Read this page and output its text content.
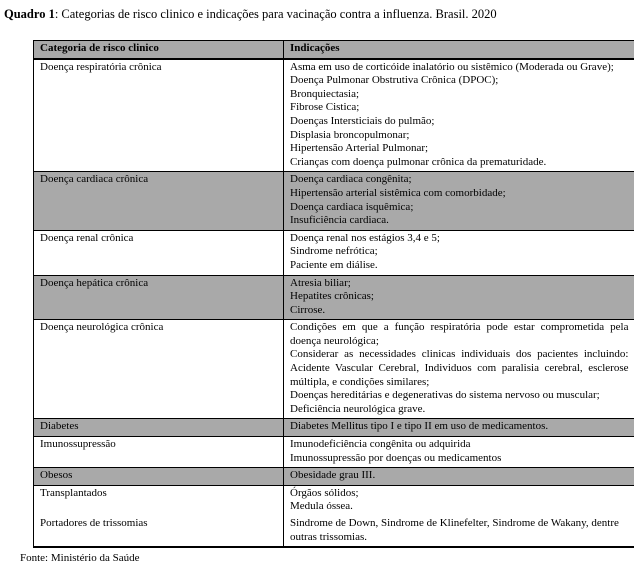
Quadro 1: Categorias de risco clinico e indicações para vacinação contra a influenza. Brasil. 2020
Categoria de risco clinico	Indicações
Doença respiratória crônica	Asma em uso de corticóide inalatório ou sistêmico (Moderada ou Grave);
Doença Pulmonar Obstrutiva Crônica (DPOC);
Bronquiectasia;
Fibrose Cistica;
Doenças Intersticiais do pulmão;
Displasia broncopulmonar;
Hipertensão Arterial Pulmonar;
Crianças com doença pulmonar crônica da prematuridade.

Doença cardiaca crônica	Doença cardiaca congênita;
Hipertensão arterial sistêmica com comorbidade;
Doença cardiaca isquêmica;
Insuficiência cardiaca.

Doença renal crônica	Doença renal nos estágios 3,4 e 5;
Sindrome nefrótica;
Paciente em diálise.

Doença hepática crônica	Atresia biliar;
Hepatites crônicas;
Cirrose.

Doença neurológica crônica	Condições em que a função respiratória pode estar comprometida pela doença neurológica;
Considerar as necessidades clinicas individuais dos pacientes incluindo: Acidente Vascular Cerebral, Individuos com paralisia cerebral, esclerose múltipla, e condições similares;
Doenças hereditárias e degenerativas do sistema nervoso ou muscular;
Deficiência neurológica grave.

Diabetes	Diabetes Mellitus tipo I e tipo II em uso de medicamentos.

Imunossupressão	Imunodeficiência congênita ou adquirida
Imunossupressão por doenças ou medicamentos

Obesos	Obesidade grau III.

Transplantados	Órgãos sólidos;
Medula óssea.

Portadores de trissomias	Sindrome de Down, Sindrome de Klinefelter, Sindrome de Wakany, dentre outras trissomias.
Fonte: Ministério da Saúde
